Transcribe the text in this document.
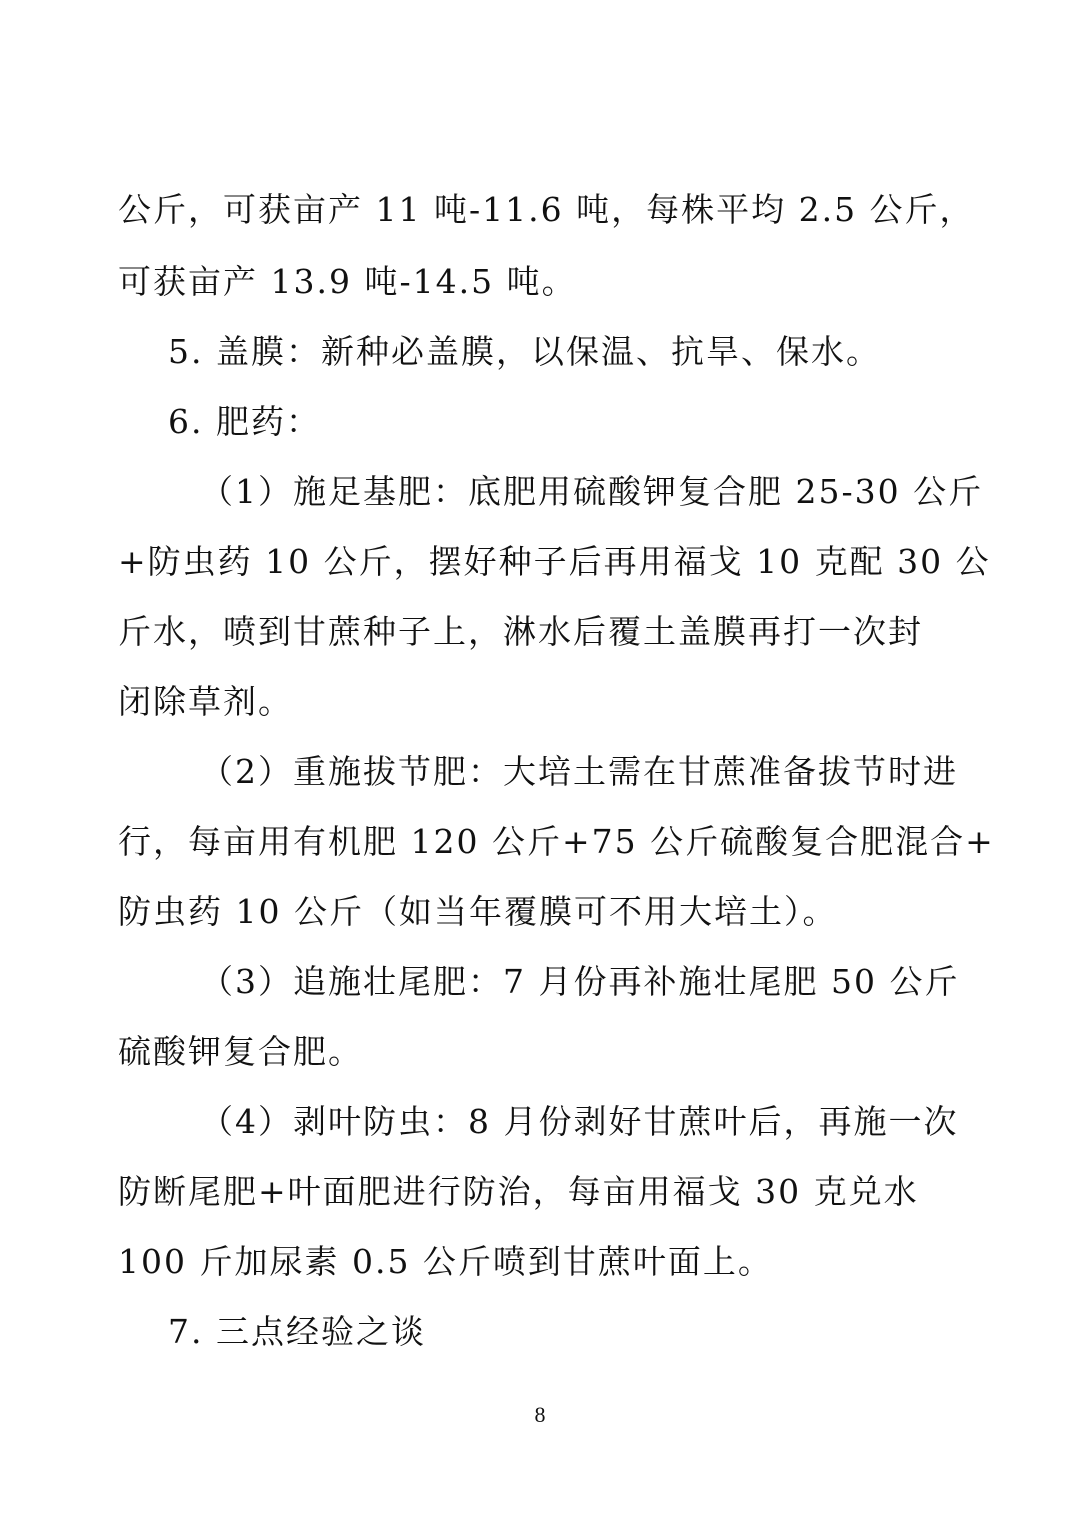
公斤，可获亩产 11 吨-11.6 吨，每株平均 2.5 公斤，
可获亩产 13.9 吨-14.5 吨。
5. 盖膜：新种必盖膜，以保温、抗旱、保水。
6. 肥药：
（1）施足基肥：底肥用硫酸钾复合肥 25-30 公斤
+防虫药 10 公斤，摆好种子后再用福戈 10 克配 30 公
斤水，喷到甘蔗种子上，淋水后覆土盖膜再打一次封
闭除草剂。
（2）重施拔节肥：大培土需在甘蔗准备拔节时进
行，每亩用有机肥 120 公斤+75 公斤硫酸复合肥混合+
防虫药 10 公斤（如当年覆膜可不用大培土）。
（3）追施壮尾肥：7 月份再补施壮尾肥 50 公斤
硫酸钾复合肥。
（4）剥叶防虫：8 月份剥好甘蔗叶后，再施一次
防断尾肥+叶面肥进行防治，每亩用福戈 30 克兑水
100 斤加尿素 0.5 公斤喷到甘蔗叶面上。
7. 三点经验之谈
8
